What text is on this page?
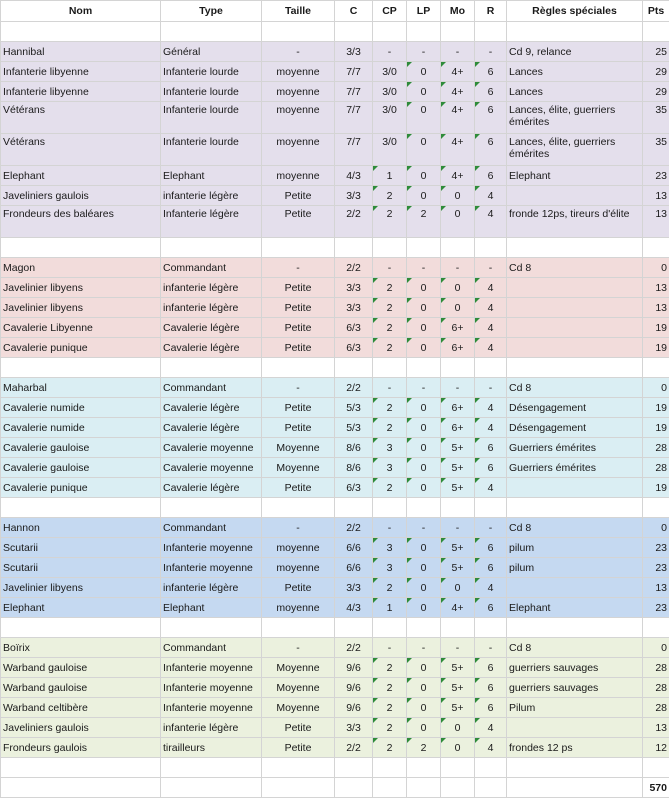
Nom	Type	Taille	C	CP	LP	Mo	R	Règles spéciales	Pts

Hannibal	Général	-	3/3	-	-	-	-	Cd 9, relance	25
Infanterie libyenne	Infanterie lourde	moyenne	7/7	3/0	0	4+	6	Lances	29
Infanterie libyenne	Infanterie lourde	moyenne	7/7	3/0	0	4+	6	Lances	29
Vétérans	Infanterie lourde	moyenne	7/7	3/0	0	4+	6	Lances, élite, guerriers émérites	35
Vétérans	Infanterie lourde	moyenne	7/7	3/0	0	4+	6	Lances, élite, guerriers émérites	35
Elephant	Elephant	moyenne	4/3	1	0	4+	6	Elephant	23
Javeliniers gaulois	infanterie légère	Petite	3/3	2	0	0	4		13
Frondeurs des baléares	Infanterie légère	Petite	2/2	2	2	0	4	fronde 12ps, tireurs d'élite	13

Magon	Commandant	-	2/2	-	-	-	-	Cd 8	0
Javelinier libyens	infanterie légère	Petite	3/3	2	0	0	4		13
Javelinier libyens	infanterie légère	Petite	3/3	2	0	0	4		13
Cavalerie Libyenne	Cavalerie légère	Petite	6/3	2	0	6+	4		19
Cavalerie punique	Cavalerie légère	Petite	6/3	2	0	6+	4		19

Maharbal	Commandant	-	2/2	-	-	-	-	Cd 8	0
Cavalerie numide	Cavalerie légère	Petite	5/3	2	0	6+	4	Désengagement	19
Cavalerie numide	Cavalerie légère	Petite	5/3	2	0	6+	4	Désengagement	19
Cavalerie gauloise	Cavalerie moyenne	Moyenne	8/6	3	0	5+	6	Guerriers émérites	28
Cavalerie gauloise	Cavalerie moyenne	Moyenne	8/6	3	0	5+	6	Guerriers émérites	28
Cavalerie punique	Cavalerie légère	Petite	6/3	2	0	5+	4		19

Hannon	Commandant	-	2/2	-	-	-	-	Cd 8	0
Scutarii	Infanterie moyenne	moyenne	6/6	3	0	5+	6	pilum	23
Scutarii	Infanterie moyenne	moyenne	6/6	3	0	5+	6	pilum	23
Javelinier libyens	infanterie légère	Petite	3/3	2	0	0	4		13
Elephant	Elephant	moyenne	4/3	1	0	4+	6	Elephant	23

Boïrix	Commandant	-	2/2	-	-	-	-	Cd 8	0
Warband gauloise	Infanterie moyenne	Moyenne	9/6	2	0	5+	6	guerriers sauvages	28
Warband gauloise	Infanterie moyenne	Moyenne	9/6	2	0	5+	6	guerriers sauvages	28
Warband celtibère	Infanterie moyenne	Moyenne	9/6	2	0	5+	6	Pilum	28
Javeliniers gaulois	infanterie légère	Petite	3/3	2	0	0	4		13
Frondeurs gaulois	tirailleurs	Petite	2/2	2	2	0	4	frondes 12 ps	12

									570
